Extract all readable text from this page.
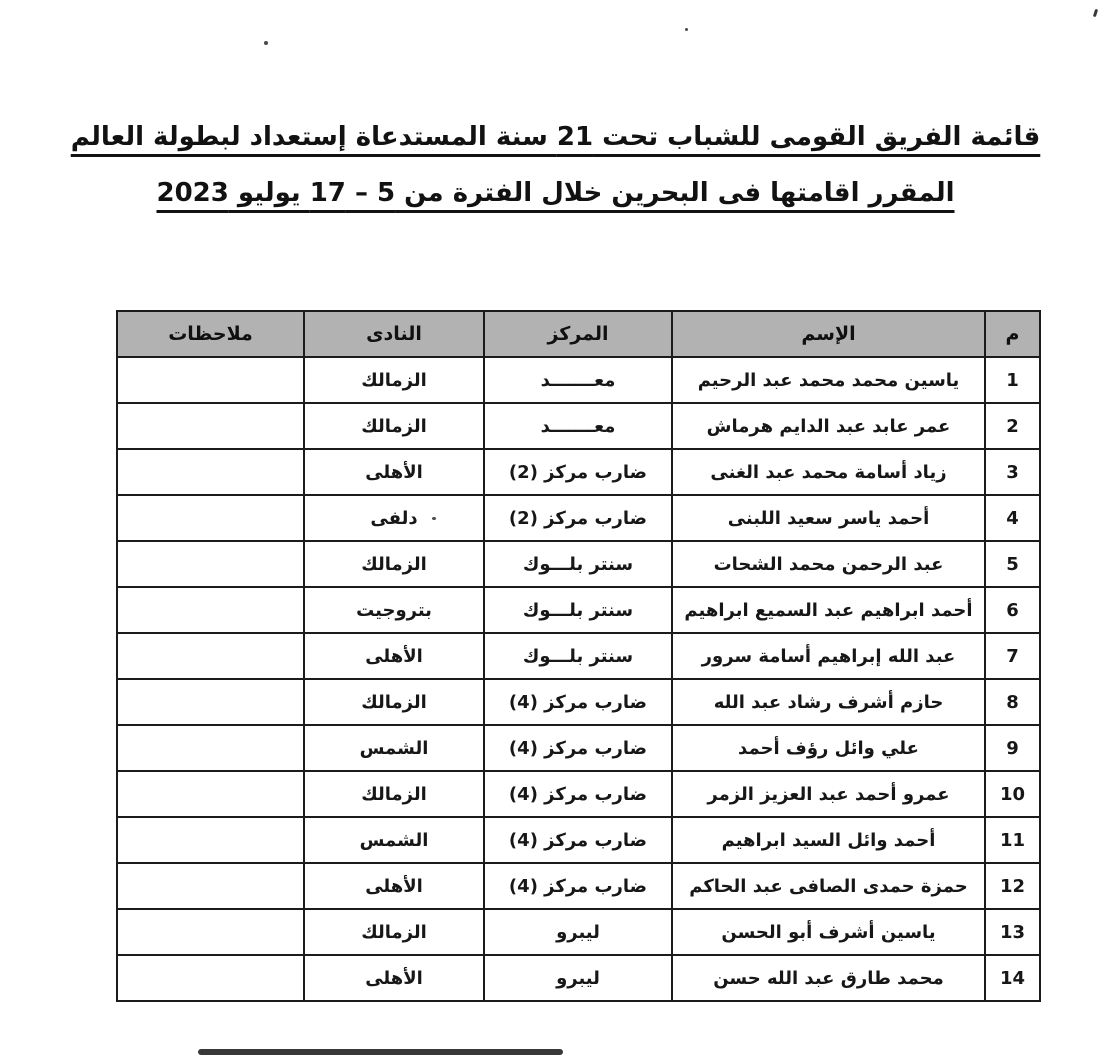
قائمة الفريق القومى للشباب تحت 21 سنة المستدعاة إستعداد لبطولة العالم
المقرر اقامتها فى البحرين خلال الفترة من 5 – 17 يوليو 2023
م	الإسم	المركز	النادى	ملاحظات
1	ياسين محمد محمد عبد الرحيم	معـــــــد	الزمالك	
2	عمر عابد عبد الدايم هرماش	معـــــــد	الزمالك	
3	زياد أسامة محمد عبد الغنى	ضارب مركز (2)	الأهلى	
4	أحمد ياسر سعيد اللبنى	ضارب مركز (2)	دلفى	
5	عبد الرحمن محمد الشحات	سنتر بلـــوك	الزمالك	
6	أحمد ابراهيم عبد السميع ابراهيم	سنتر بلـــوك	بتروجيت	
7	عبد الله إبراهيم أسامة سرور	سنتر بلـــوك	الأهلى	
8	حازم أشرف رشاد عبد الله	ضارب مركز (4)	الزمالك	
9	علي وائل رؤف أحمد	ضارب مركز (4)	الشمس	
10	عمرو أحمد عبد العزيز الزمر	ضارب مركز (4)	الزمالك	
11	أحمد وائل السيد ابراهيم	ضارب مركز (4)	الشمس	
12	حمزة حمدى الصافى عبد الحاكم	ضارب مركز (4)	الأهلى	
13	ياسين أشرف أبو الحسن	ليبرو	الزمالك	
14	محمد طارق عبد الله حسن	ليبرو	الأهلى	
